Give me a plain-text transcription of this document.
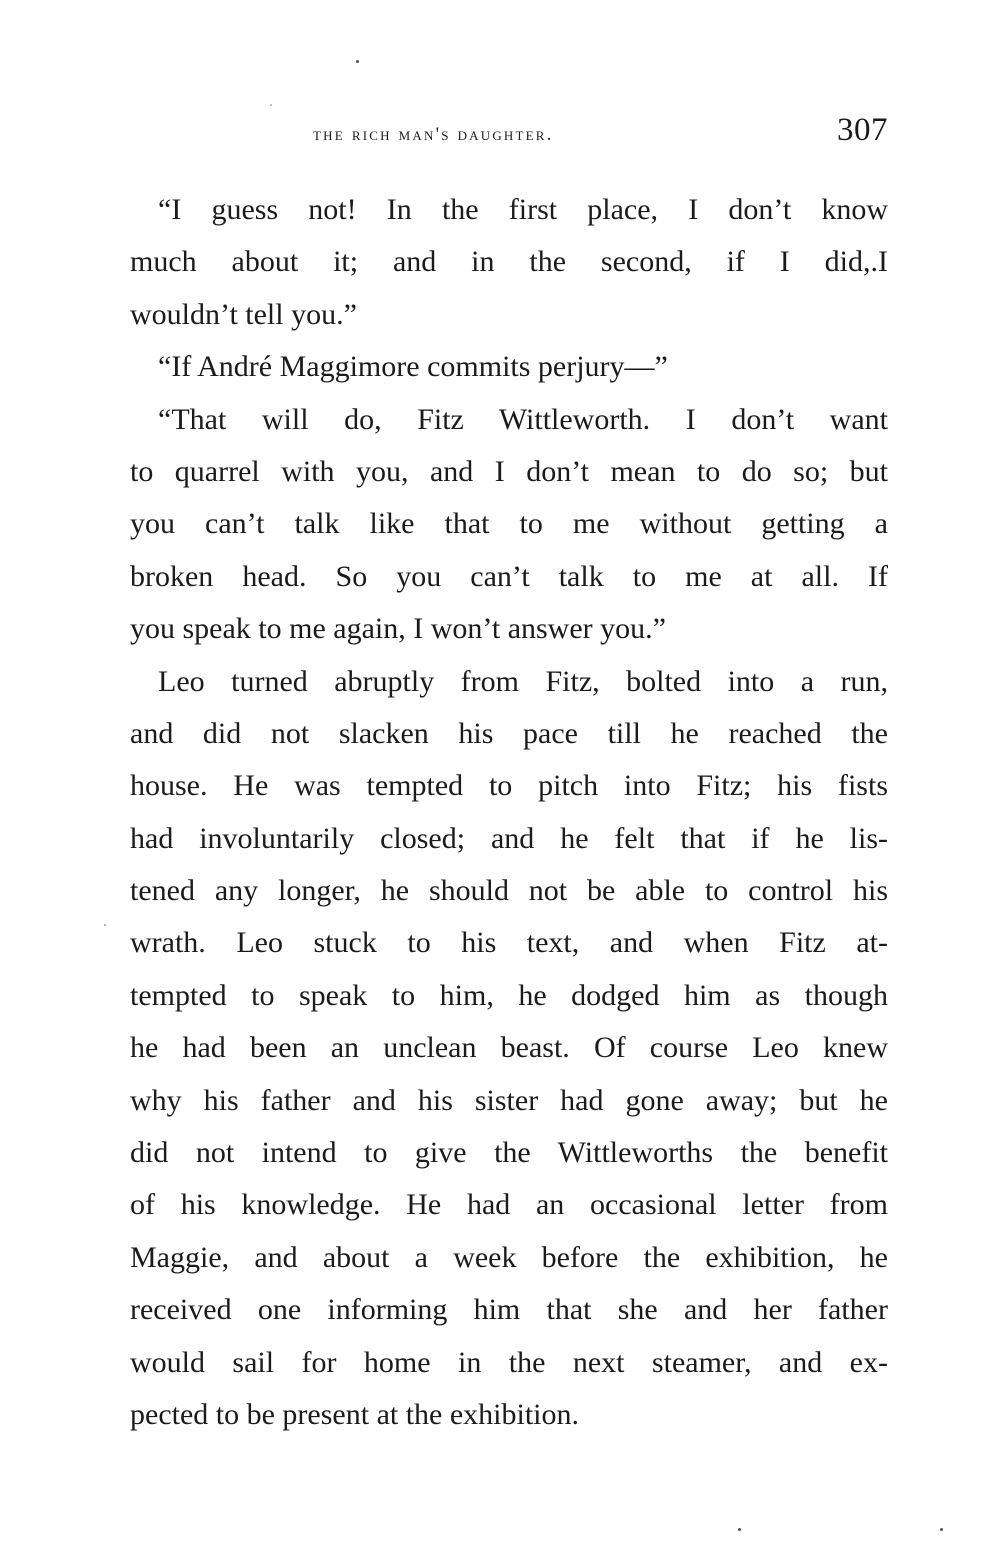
the rich man's daughter.	307
“I guess not! In the first place, I don’t know
much about it; and in the second, if I did,.I
wouldn’t tell you.”
“If André Maggimore commits perjury—”
“That will do, Fitz Wittleworth. I don’t want
to quarrel with you, and I don’t mean to do so; but
you can’t talk like that to me without getting a
broken head. So you can’t talk to me at all. If
you speak to me again, I won’t answer you.”
Leo turned abruptly from Fitz, bolted into a run,
and did not slacken his pace till he reached the
house. He was tempted to pitch into Fitz; his fists
had involuntarily closed; and he felt that if he lis-
tened any longer, he should not be able to control his
wrath. Leo stuck to his text, and when Fitz at-
tempted to speak to him, he dodged him as though
he had been an unclean beast. Of course Leo knew
why his father and his sister had gone away; but he
did not intend to give the Wittleworths the benefit
of his knowledge. He had an occasional letter from
Maggie, and about a week before the exhibition, he
received one informing him that she and her father
would sail for home in the next steamer, and ex-
pected to be present at the exhibition.
